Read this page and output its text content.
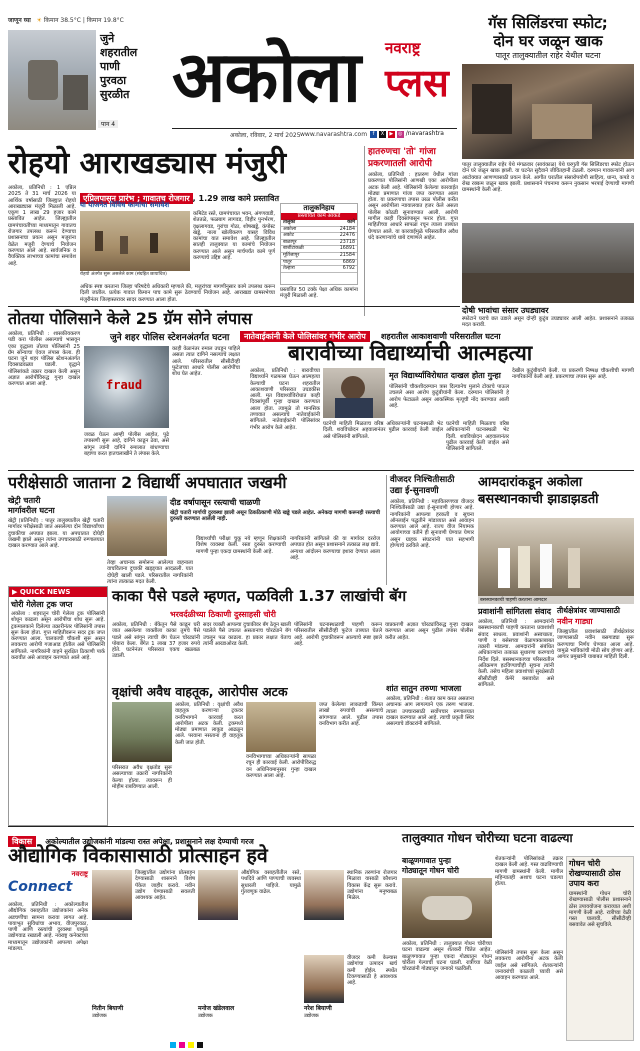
जाणून घ्या ☀ किमान 38.5°C | किमान 19.8°C
जुने
शहरातील
पाणी
पुरवठा
सुरळीत
पान 4
अकोला	नवराष्ट्र
प्लस
अकोला, रविवार, 2 मार्च 2025 www.navarashtra.com	f X ▶ ◎ /navarashtra
गॅस सिलिंडरचा स्फोट;
दोन घर जळून खाक
पातूर तालुक्यातील राहेर येथील घटना
पातूर तालुक्यातील राहेर येथे मंगळवार (सायंकाळ) येथे घरगुती गॅस सिलिंडरचा स्फोट होऊन दोन घरे जळून खाक झाली. या घटनेत सुदैवाने जीवितहानी टळली. दरम्यान गावकऱ्यांनी आग आटोक्यात आणण्यासाठी प्रयत्न केले. आगीत घरातील संसारोपयोगी साहित्य, धान्य, कपडे व रोख रक्कम जळून खाक झाली. प्रशासनाने पंचनामा करून नुकसान भरपाई देण्याची मागणी ग्रामस्थांनी केली आहे.
दोषी भावांचा संसार उघड्यावर
स्फोटाने घराचे छत उडाले असून दोन्ही कुटुंब उघड्यावर आली आहेत. प्रशासनाने तत्काळ मदत करावी.
रोहयो आराखड्यास मंजुरी
अकोला, प्रतिनिधी : 1 एप्रिल 2025 ते 31 मार्च 2026 या आर्थिक वर्षासाठी जिल्ह्यात रोहयो आराखड्यास मंजुरी मिळाली आहे. एकूण 1 लाख 29 हजार कामे प्रस्तावित आहेत. जिल्ह्यातील ग्रामपंचायतींच्या माध्यमातून गावातच रोजगार उपलब्ध करून देण्याचा प्रशासनाचा प्रयत्न असून मजुरांना वेळेत मजुरी देण्याचे नियोजन करण्यात आले आहे. सार्वजनिक व वैयक्तिक लाभाच्या कामांचा समावेश आहे.
एप्रिलपासून प्रारंभ ; गावातच रोजगार , 1.29 लाख कामे प्रस्तावित
या योजनेत विविध कामांचा समावेश
रोहयो अंतर्गत सुरू असलेले काम (संग्रहित छायाचित्र)
कमिटेड रस्ते, ग्रामपंचायत भवन, अंगणवाडी, शेततळे, फळबाग लागवड, विहीर पुनर्भरण, वृक्षलागवड, गुरांचा गोठा, शोषखड्डे, कंपोस्ट खड्डे, नाला खोलीकरण यासह विविध कामांचा यात समावेश आहे. जिल्ह्यातील सातही तालुक्यात या कामांचे नियोजन करण्यात आले असून मार्चपर्यंत कामे पूर्ण करण्याचे उद्दिष्ट आहे.
अधिक स्पष्ट करताना जिल्हा परिषदेचे अधिकारी म्हणाले की, मजुरांच्या मागणीनुसार कामे उपलब्ध करून दिली जातील. प्रत्येक गावात किमान पाच कामे सुरू ठेवण्याचे नियोजन आहे. आराखडा ग्रामसभेच्या मंजुरीनंतर जिल्हास्तरावर सादर करण्यात आला होता.
तालुकनिहाय
प्रस्तावित कामे आकडे
तालुका	कामे
अकोला	24184
अकोट	22476
बाळापूर	23718
बार्शीटाकळी	16891
मूर्तिजापूर	21584
पातूर	6869
तेल्हारा	6792
प्रस्तावित 50 टक्के पेक्षा अधिक कामांना मंजुरी मिळाली आहे.
हातरुणचा 'तो' गांजा
प्रकरणातली आरोपी
अकोला, प्रतिनिधी : हातरुण येथील गांजा प्रकरणात पोलिसांनी आणखी एका आरोपीला अटक केली आहे. पोलिसांनी केलेल्या कारवाईत मोठ्या प्रमाणात गांजा जप्त करण्यात आला होता. या प्रकरणाचा तपास उरळ पोलीस करीत असून आरोपीला न्यायालयात हजर केले असता पोलीस कोठडी सुनावण्यात आली. आरोपी मागील काही दिवसांपासून फरार होता. गुप्त माहितीच्या आधारे सापळा रचून त्याला ताब्यात घेण्यात आले. या कारवाईमुळे परिसरातील अवैध धंदे करणाऱ्यांचे धाबे दणाणले आहेत.
तोतया पोलिसाने केले 25 ग्रॅम सोने लंपास
अकोला, प्रतिनिधी : शासकीयकरण पडी करा पोलीस असल्याचे भासवून एका वृद्धाला तोतया पोलिसांनी 25 ग्रॅम सोन्याचा ऐवज लंपास केला. ही घटना जुने शहर पोलिस स्टेशनअंतर्गत दिवसाढवळ्या घडली. वृद्धाने पोलिसांकडे तक्रार दाखल केली असून अज्ञात आरोपींविरुद्ध गुन्हा दाखल करण्यात आला आहे.
जुने शहर पोलिस स्टेशनअंतर्गत घटना
fraud
जवळ येऊन आम्ही पोलीस आहोत, पुढे तपासणी सुरू आहे, दागिने काढून ठेवा, असे सांगून त्यांनी दागिने रुमालात बांधण्याचा बहाणा करत हातचलाखीने ते लंपास केले.
काही वेळानंतर रुमाल उघडून पाहिले असता त्यात दागिने नसल्याचे लक्षात आले. परिसरातील सीसीटीव्ही फुटेजच्या आधारे पोलीस आरोपींचा शोध घेत आहेत.
नातेवाईकांनी केले पोलिसांवर गंभीर आरोप शहरातील आकाशवाणी परिसरातील घटना
बारावीच्या विद्यार्थ्याची आत्महत्या
अकोला, प्रतिनिधी : बारावीच्या विद्यार्थ्याने गळफास घेऊन आत्महत्या केल्याची घटना शहरातील आकाशवाणी परिसरात उघडकीस आली. मृत विद्यार्थ्याविरोधात काही दिवसांपूर्वी गुन्हा दाखल करण्यात आला होता. त्यामुळे तो मानसिक तणावात असल्याचे नातेवाईकांनी सांगितले. नातेवाईकांनी पोलिसांवर गंभीर आरोप केले आहेत.
मृत विद्यार्थ्याविरोधात दाखल होता गुन्हा
पोलिसांनी चौकशीदरम्यान त्रास दिल्यानेच मुलाने टोकाचे पाऊल उचलले असा आरोप कुटुंबीयांनी केला. दरम्यान पोलिसांनी हे आरोप फेटाळले असून आकस्मिक मृत्यूची नोंद करण्यात आली आहे.
घटनेची माहिती मिळताच वरिष्ठ अधिकाऱ्यांनी घटनास्थळी भेट दिली. शवविच्छेदन अहवालानंतर पुढील कारवाई केली जाईल असे पोलिसांनी सांगितले.
देखील कुटुंबीयांनी केली. या प्रकरणी निष्पक्ष चौकशीची मागणी नागरिकांनी केली आहे. प्रकरणाचा तपास सुरू आहे.
घटनेची माहिती मिळताच वरिष्ठ अधिकाऱ्यांनी घटनास्थळी भेट दिली. शवविच्छेदन अहवालानंतर पुढील कारवाई केली जाईल असे पोलिसांनी सांगितले.
परीक्षेसाठी जाताना 2 विद्यार्थी अपघातात जखमी
खेट्री चतारी
मार्गावरील घटना
खेट्री (प्रतिनिधी) : पातूर तालुक्यातील खेट्री चतारी मार्गावर परीक्षेसाठी जात असलेल्या दोन विद्यार्थ्यांच्या दुचाकीचा अपघात झाला. या अपघातात दोघेही जखमी झाले असून त्यांना उपचारासाठी रुग्णालयात दाखल करण्यात आले आहे.
दीड वर्षापासून रस्त्याची चाळणी
खेट्री चतारी मार्गाची दुरवस्था झाली असून ठिकठिकाणी मोठे खड्डे पडले आहेत. अनेकदा मागणी करूनही रस्त्याची दुरुस्ती करण्यात आलेली नाही.
तेव्हा अचानक समोरून आलेल्या वाहनाला वाचविताना दुचाकी खड्ड्यात आदळली. यात दोघेही खाली पडले. परिसरातील नागरिकांनी त्यांना तात्काळ मदत केली.
विद्यार्थ्यांची परीक्षा चुकू नये म्हणून शिक्षकांनी विशेष व्यवस्था केली. रस्ता दुरुस्त करण्याची मागणी पुन्हा एकदा ग्रामस्थांनी केली आहे.
नागरिकांनी सांगितले की या मार्गावर दररोज अपघात होत असून प्रशासनाने तत्काळ लक्ष द्यावे. अन्यथा आंदोलन करण्याचा इशारा देण्यात आला आहे.
▶ QUICK NEWS
चोरी गेलेला ट्रक जप्त
अकोला : शहरातून चोरी गेलेला ट्रक पोलिसांनी शोधून काढला असून आरोपींचा शोध सुरू आहे. ट्रकमालकाने दिलेल्या तक्रारीनंतर पोलिसांनी तपास सुरू केला होता. गुप्त माहितीवरून सदर ट्रक जप्त करण्यात आला. चालकाची चौकशी सुरू असून लवकरच आरोपी गजाआड होतील असे पोलिसांनी सांगितले. नागरिकांनी वाहने सुरक्षित ठिकाणी पार्क करावीत असे आवाहन करण्यात आले आहे.
वीजदर निश्चितीसाठी
उद्या ई-सुनावणी
अकोला, प्रतिनिधी : महावितरणच्या वीजदर निश्चितीसाठी उद्या ई-सुनावणी होणार आहे. नागरिकांनी आपल्या हरकती व सूचना ऑनलाईन पद्धतीने मांडाव्यात असे आवाहन करण्यात आले आहे. राज्य वीज नियामक आयोगाच्या वतीने ही सुनावणी घेण्यात येणार असून ग्राहक संघटनांनी यात सहभागी होण्याचे ठरविले आहे.
आमदारांकडून अकोला बसस्थानकाची झाडाझडती
बसस्थानकाची पाहणी करताना आमदार
काका पैसे पडले म्हणत, पळविली 1.37 लाखांची बॅग
भरवर्दळीच्या ठिकाणी दुस्साहसी चोरी
अकोला, प्रतिनिधी : बँकेतून पैसे काढून घरी जात असलेल्या व्यक्तीला काका तुमचे पैसे पडले असे सांगून त्याची बॅग घेऊन चोरट्यांनी पोबारा केला. बॅगेत 1 लाख 37 हजार रुपये होते. घटनेनंतर परिसरात एकच खळबळ उडाली.
सदर व्यक्ती आपल्या दुचाकीवर बॅग ठेवून खाली पडलेले पैसे उचलत असतानाच चोरट्याने बॅग उचलून पळ काढला. हा प्रकार लक्षात येताच त्यांनी आरडाओरड केली.
पोलिसांनी घटनास्थळाची पाहणी करून परिसरातील सीसीटीव्ही फुटेज ताब्यात घेतले आहे. आरोपी दुचाकीवरून आल्याचे स्पष्ट झाले आहे.
याप्रकरणी अज्ञात चोरट्यांविरुद्ध गुन्हा दाखल करण्यात आला असून पुढील तपास पोलीस करीत आहेत.
प्रवाशांनी सांगितला संवाद
अकोला, प्रतिनिधी : आमदारांनी बसस्थानकाची पाहणी करताना प्रवाशांशी संवाद साधला. प्रवाशांनी अस्वच्छता, पाणी व बसेसच्या वेळापत्रकाबाबत तक्रारी मांडल्या. आमदारांनी संबंधित अधिकाऱ्यांना तत्काळ सुधारणा करण्याचे निर्देश दिले. बसस्थानकाच्या परिसरातील अतिक्रमण हटविण्याचीही सूचना त्यांनी केली. तसेच महिला प्रवाशांच्या सुरक्षेसाठी सीसीटीव्ही कॅमेरे बसवावेत असे सांगितले.
तीर्थक्षेत्रांवर जाण्यासाठी
नवीन गाड्या
जिल्ह्यातील प्रवाशांसाठी तीर्थक्षेत्रांवर जाण्यासाठी नवीन बसगाड्या सुरू करण्याचा निर्णय घेण्यात आला आहे. यामुळे भाविकांची मोठी सोय होणार आहे. आगार प्रमुखांनी याबाबत माहिती दिली.
शांत सातुन तरुणा भाजला
अकोला, प्रतिनिधी : शेतात काम करत असताना अचानक आग लागल्याने एक तरुण भाजला. त्याला उपचारासाठी सर्वोपचार रुग्णालयात दाखल करण्यात आले आहे. त्याची प्रकृती स्थिर असल्याचे डॉक्टरांनी सांगितले.
वृक्षांची अवैध वाहतूक, आरोपीस अटक
अकोला, प्रतिनिधी : वृक्षांची अवैध वाहतूक करणाऱ्या ट्रकवर वनविभागाने कारवाई करत आरोपीला अटक केली. ट्रकमध्ये मोठ्या प्रमाणात लाकूड आढळून आले. परवाना नसताना ही वाहतूक केली जात होती.
वनविभागाच्या अधिकाऱ्यांनी सापळा रचून ही कारवाई केली. आरोपीविरुद्ध वन अधिनियमानुसार गुन्हा दाखल करण्यात आला आहे.
जप्त केलेल्या लाकडाची किंमत लाखो रुपयांची असल्याचे सांगण्यात आले. पुढील तपास वनविभाग करीत आहे.
परिसरात अवैध वृक्षतोड सुरू असल्याच्या तक्रारी नागरिकांनी केल्या होत्या. त्यावरून ही मोहीम राबविण्यात आली.
विकास अकोल्यातील उद्योजकांनी मांडल्या रास्त अपेक्षा, प्रशासनाने लक्ष देण्याची गरज
औद्योगिक विकासासाठी प्रोत्साहन हवे
नवराष्ट्र
Connect
अकोला, प्रतिनिधी : अकोल्यातील औद्योगिक वसाहतीत उद्योजकांना अनेक अडचणींचा सामना करावा लागत आहे. पायाभूत सुविधांचा अभाव, वीजपुरवठा, पाणी आणि रस्त्यांची दुरवस्था यामुळे उद्योगवाढ रखडली आहे. नवराष्ट्र कनेक्टच्या माध्यमातून उद्योजकांनी आपल्या अपेक्षा मांडल्या.
जिल्ह्यातील उद्योगांना प्रोत्साहन देण्यासाठी शासनाने विशेष पॅकेज जाहीर करावे. नवीन उद्योग येण्यासाठी सवलती आवश्यक आहेत.
नितीन बियाणी
उद्योजक
औद्योगिक वसाहतीतील रस्ते, पथदिवे आणि पाण्याची व्यवस्था सुधारली पाहिजे. यामुळे गुंतवणूक वाढेल.
मनोज खंडेलवाल
उद्योजक
स्थानिक तरुणांना रोजगार मिळावा यासाठी कौशल्य विकास केंद्र सुरू करावे. उद्योगांना मनुष्यबळ मिळेल.
वीजदर कमी केल्यास उद्योगांचा उत्पादन खर्च कमी होईल. स्पर्धेत टिकण्यासाठी हे आवश्यक आहे.
नरेश बियाणी
उद्योजक
तालुक्यात गोधन चोरीच्या घटना वाढल्या
बाळूणगावात पुन्हा
गोठ्यातून गोधन चोरी
अकोला, प्रतिनिधी : तालुक्यात गोधन चोरीच्या घटना वाढल्या असून शेतकरी चिंतेत आहेत. बाळूणगावात पुन्हा एकदा गोठ्यातून गोधन चोरीला गेल्याची घटना घडली. रात्रीच्या वेळी चोरट्यांनी गोठ्यातून जनावरे पळविली.
शेतकऱ्यांनी पोलिसांकडे तक्रार दाखल केली आहे. गस्त वाढविण्याची मागणी ग्रामस्थांनी केली. मागील महिन्यातही अशाच घटना घडल्या होत्या.
पोलिसांनी तपास सुरू केला असून लवकरच आरोपींना अटक केली जाईल असे सांगितले. शेतकऱ्यांनी जनावरांची काळजी घ्यावी असे आवाहन करण्यात आले.
गोधन चोरी
रोखण्यासाठी ठोस
उपाय करा
ग्रामस्थांनी गोधन चोरी रोखण्यासाठी पोलीस प्रशासनाने ठोस उपाययोजना कराव्यात अशी मागणी केली आहे. रात्रीच्या वेळी गस्त घालावी, सीसीटीव्ही बसवावेत असे सुचविले.
